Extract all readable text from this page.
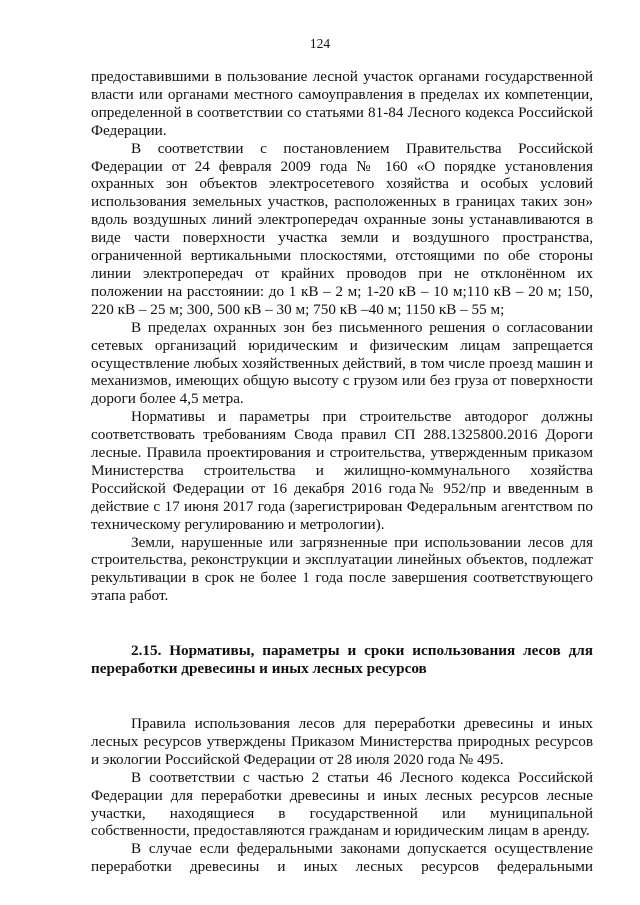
124

предоставившими в пользование лесной участок органами государственной власти или органами местного самоуправления в пределах их компетенции, определенной в соответствии со статьями 81-84 Лесного кодекса Российской Федерации.

В соответствии с постановлением Правительства Российской Федерации от 24 февраля 2009 года № 160 «О порядке установления охранных зон объектов электросетевого хозяйства и особых условий использования земельных участков, расположенных в границах таких зон» вдоль воздушных линий электропередач охранные зоны устанавливаются в виде части поверхности участка земли и воздушного пространства, ограниченной вертикальными плоскостями, отстоящими по обе стороны линии электропередач от крайних проводов при не отклонённом их положении на расстоянии: до 1 кВ – 2 м; 1-20 кВ – 10 м;110 кВ – 20 м; 150, 220 кВ – 25 м; 300, 500 кВ – 30 м; 750 кВ –40 м; 1150 кВ – 55 м;

В пределах охранных зон без письменного решения о согласовании сетевых организаций юридическим и физическим лицам запрещается осуществление любых хозяйственных действий, в том числе проезд машин и механизмов, имеющих общую высоту с грузом или без груза от поверхности дороги более 4,5 метра.

Нормативы и параметры при строительстве автодорог должны соответствовать требованиям Свода правил СП 288.1325800.2016 Дороги лесные. Правила проектирования и строительства, утвержденным приказом Министерства строительства и жилищно-коммунального хозяйства Российской Федерации от 16 декабря 2016 года№ 952/пр и введенным в действие с 17 июня 2017 года (зарегистрирован Федеральным агентством по техническому регулированию и метрологии).

Земли, нарушенные или загрязненные при использовании лесов для строительства, реконструкции и эксплуатации линейных объектов, подлежат рекультивации в срок не более 1 года после завершения соответствующего этапа работ.

2.15. Нормативы, параметры и сроки использования лесов для переработки древесины и иных лесных ресурсов

Правила использования лесов для переработки древесины и иных лесных ресурсов утверждены Приказом Министерства природных ресурсов и экологии Российской Федерации от 28 июля 2020 года № 495.

В соответствии с частью 2 статьи 46 Лесного кодекса Российской Федерации для переработки древесины и иных лесных ресурсов лесные участки, находящиеся в государственной или муниципальной собственности, предоставляются гражданам и юридическим лицам в аренду.

В случае если федеральными законами допускается осуществление переработки древесины и иных лесных ресурсов федеральными
